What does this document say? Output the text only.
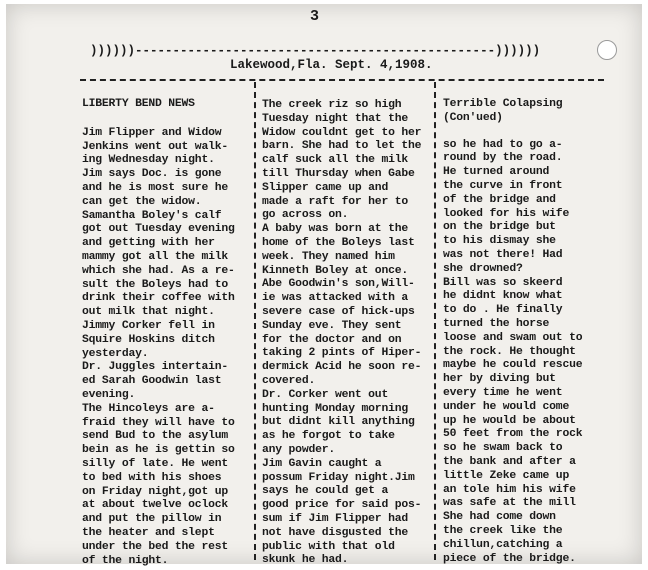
3
))))))------------------------------------------------))))))
Lakewood,Fla. Sept. 4,1908.

LIBERTY BEND NEWS

Jim Flipper and Widow

Jenkins went out walk-

ing Wednesday night.

Jim says Doc. is gone

and he is most sure he

can get the widow.

Samantha Boley's calf

got out Tuesday evening

and getting with her

mammy got all the milk

which she had. As a re-

sult the Boleys had to

drink their coffee with

out milk that night.

Jimmy Corker fell in

Squire Hoskins ditch

yesterday.

Dr. Juggles intertain-

ed Sarah Goodwin last

evening.

The Hincoleys are a-

fraid they will have to

send Bud to the asylum

bein as he is gettin so

silly of late. He went

to bed with his shoes

on Friday night,got up

at about twelve oclock

and put the pillow in

the heater and slept

under the bed the rest

of the night.

The creek riz so high

Tuesday night that the

Widow couldnt get to her

barn. She had to let the

calf suck all the milk

till Thursday when Gabe

Slipper came up and

made a raft for her to

go across on.

A baby was born at the

home of the Boleys last

week. They named him

Kinneth Boley at once.

Abe Goodwin's son,Will-

ie was attacked with a

severe case of hick-ups

Sunday eve. They sent

for the doctor and on

taking 2 pints of Hiper-

dermick Acid he soon re-

covered.

Dr. Corker went out

hunting Monday morning

but didnt kill anything

as he forgot to take

any powder.

Jim Gavin caught a

possum Friday night.Jim

says he could get a

good price for said pos-

sum if Jim Flipper had

not have disgusted the

public with that old

skunk he had.

Terrible Colapsing

(Con'ued)

so he had to go a-

round by the road.

He turned around

the curve in front

of the bridge and

looked for his wife

on the bridge but

to his dismay she

was not there! Had

she drowned?

Bill was so skeerd

he didnt know what

to do . He finally

turned the horse

loose and swam out to

the rock. He thought

maybe he could rescue

her by diving but

every time he went

under he would come

up he would be about

50 feet from the rock

so he swam back to

the bank and after a

little Zeke came up

an tole him his wife

was safe at the mill

She had come down

the creek like the

chillun,catching a

piece of the bridge.
